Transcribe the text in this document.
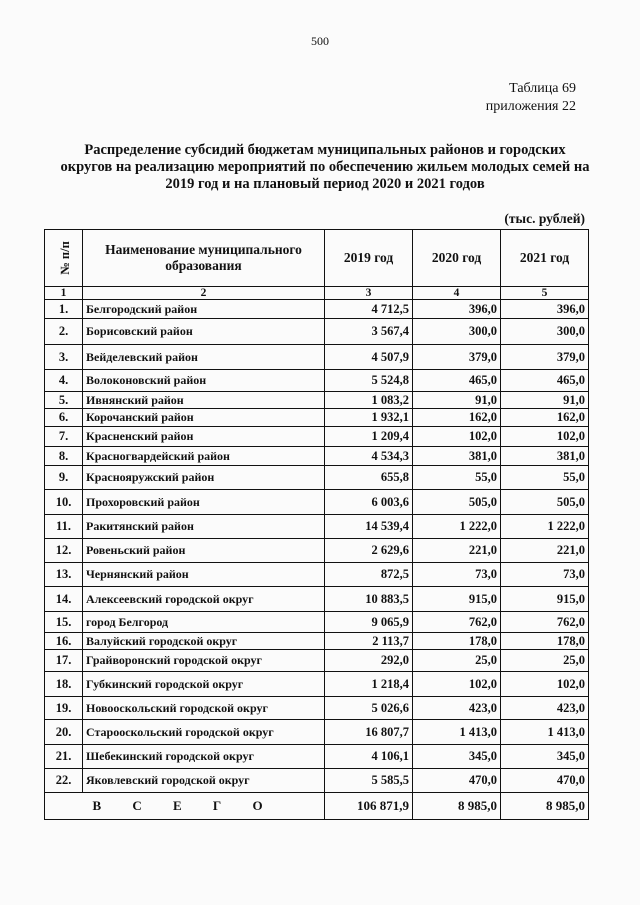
500
Таблица 69
приложения 22
Распределение субсидий бюджетам муниципальных районов и городских округов на реализацию мероприятий по обеспечению жильем молодых семей на 2019 год и на плановый период 2020 и 2021 годов
(тыс. рублей)
№ п/п	Наименование муниципального образования	2019 год	2020 год	2021 год
1	2	3	4	5
1.	Белгородский район	4 712,5	396,0	396,0
2.	Борисовский район	3 567,4	300,0	300,0
3.	Вейделевский район	4 507,9	379,0	379,0
4.	Волоконовский район	5 524,8	465,0	465,0
5.	Ивнянский район	1 083,2	91,0	91,0
6.	Корочанский район	1 932,1	162,0	162,0
7.	Красненский район	1 209,4	102,0	102,0
8.	Красногвардейский район	4 534,3	381,0	381,0
9.	Краснояружский район	655,8	55,0	55,0
10.	Прохоровский район	6 003,6	505,0	505,0
11.	Ракитянский район	14 539,4	1 222,0	1 222,0
12.	Ровеньский район	2 629,6	221,0	221,0
13.	Чернянский район	872,5	73,0	73,0
14.	Алексеевский городской округ	10 883,5	915,0	915,0
15.	город Белгород	9 065,9	762,0	762,0
16.	Валуйский городской округ	2 113,7	178,0	178,0
17.	Грайворонский городской округ	292,0	25,0	25,0
18.	Губкинский городской округ	1 218,4	102,0	102,0
19.	Новооскольский городской округ	5 026,6	423,0	423,0
20.	Старооскольский городской округ	16 807,7	1 413,0	1 413,0
21.	Шебекинский городской округ	4 106,1	345,0	345,0
22.	Яковлевский городской округ	5 585,5	470,0	470,0
В С Е Г О		106 871,9	8 985,0	8 985,0
